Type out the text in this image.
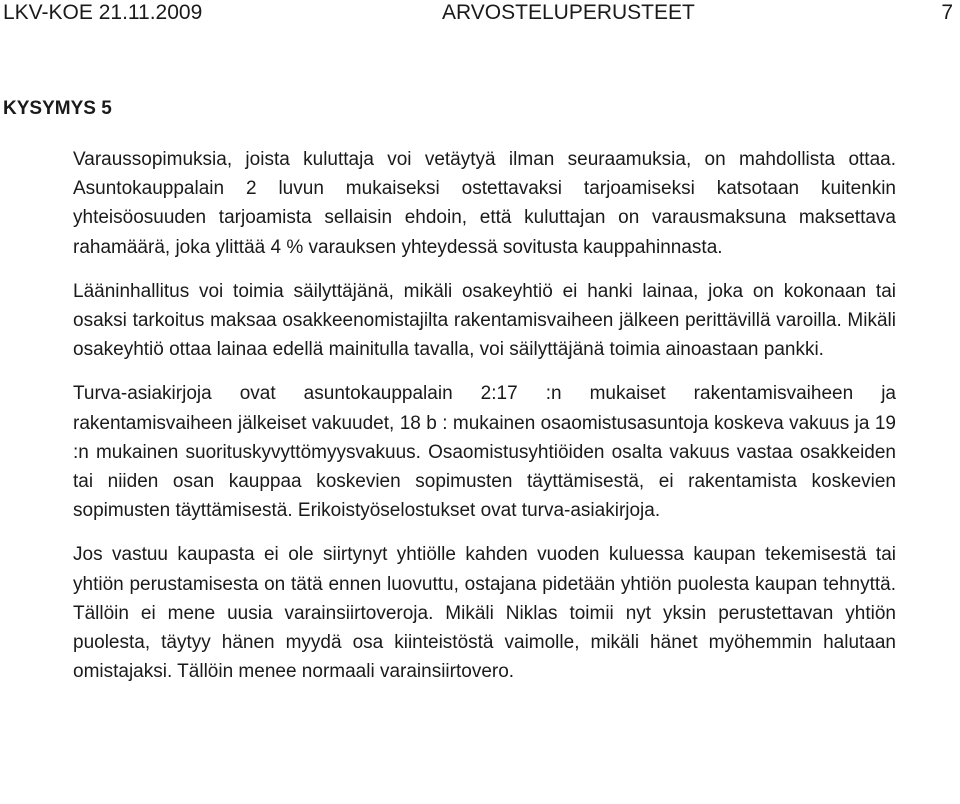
LKV-KOE 21.11.2009	ARVOSTELUPERUSTEET	7
KYSYMYS 5

Varaussopimuksia, joista kuluttaja voi vetäytyä ilman seuraamuksia, on mahdollista ottaa. Asuntokauppalain 2 luvun mukaiseksi ostettavaksi tarjoamiseksi katsotaan kuitenkin yhteisöosuuden tarjoamista sellaisin ehdoin, että kuluttajan on varausmaksuna maksettava rahamäärä, joka ylittää 4 % varauksen yhteydessä sovitusta kauppahinnasta.

Lääninhallitus voi toimia säilyttäjänä, mikäli osakeyhtiö ei hanki lainaa, joka on kokonaan tai osaksi tarkoitus maksaa osakkeenomistajilta rakentamisvaiheen jälkeen perittävillä varoilla. Mikäli osakeyhtiö ottaa lainaa edellä mainitulla tavalla, voi säilyttäjänä toimia ainoastaan pankki.

Turva-asiakirjoja ovat asuntokauppalain 2:17 :n mukaiset rakentamisvaiheen ja rakentamisvaiheen jälkeiset vakuudet, 18 b : mukainen osaomistusasuntoja koskeva vakuus ja 19 :n mukainen suorituskyvyttömyysvakuus. Osaomistusyhtiöiden osalta vakuus vastaa osakkeiden tai niiden osan kauppaa koskevien sopimusten täyttämisestä, ei rakentamista koskevien sopimusten täyttämisestä. Erikoistyöselostukset ovat turva-asiakirjoja.

Jos vastuu kaupasta ei ole siirtynyt yhtiölle kahden vuoden kuluessa kaupan tekemisestä tai yhtiön perustamisesta on tätä ennen luovuttu, ostajana pidetään yhtiön puolesta kaupan tehnyttä. Tällöin ei mene uusia varainsiirtoveroja. Mikäli Niklas toimii nyt yksin perustettavan yhtiön puolesta, täytyy hänen myydä osa kiinteistöstä vaimolle, mikäli hänet myöhemmin halutaan omistajaksi. Tällöin menee normaali varainsiirtovero.
